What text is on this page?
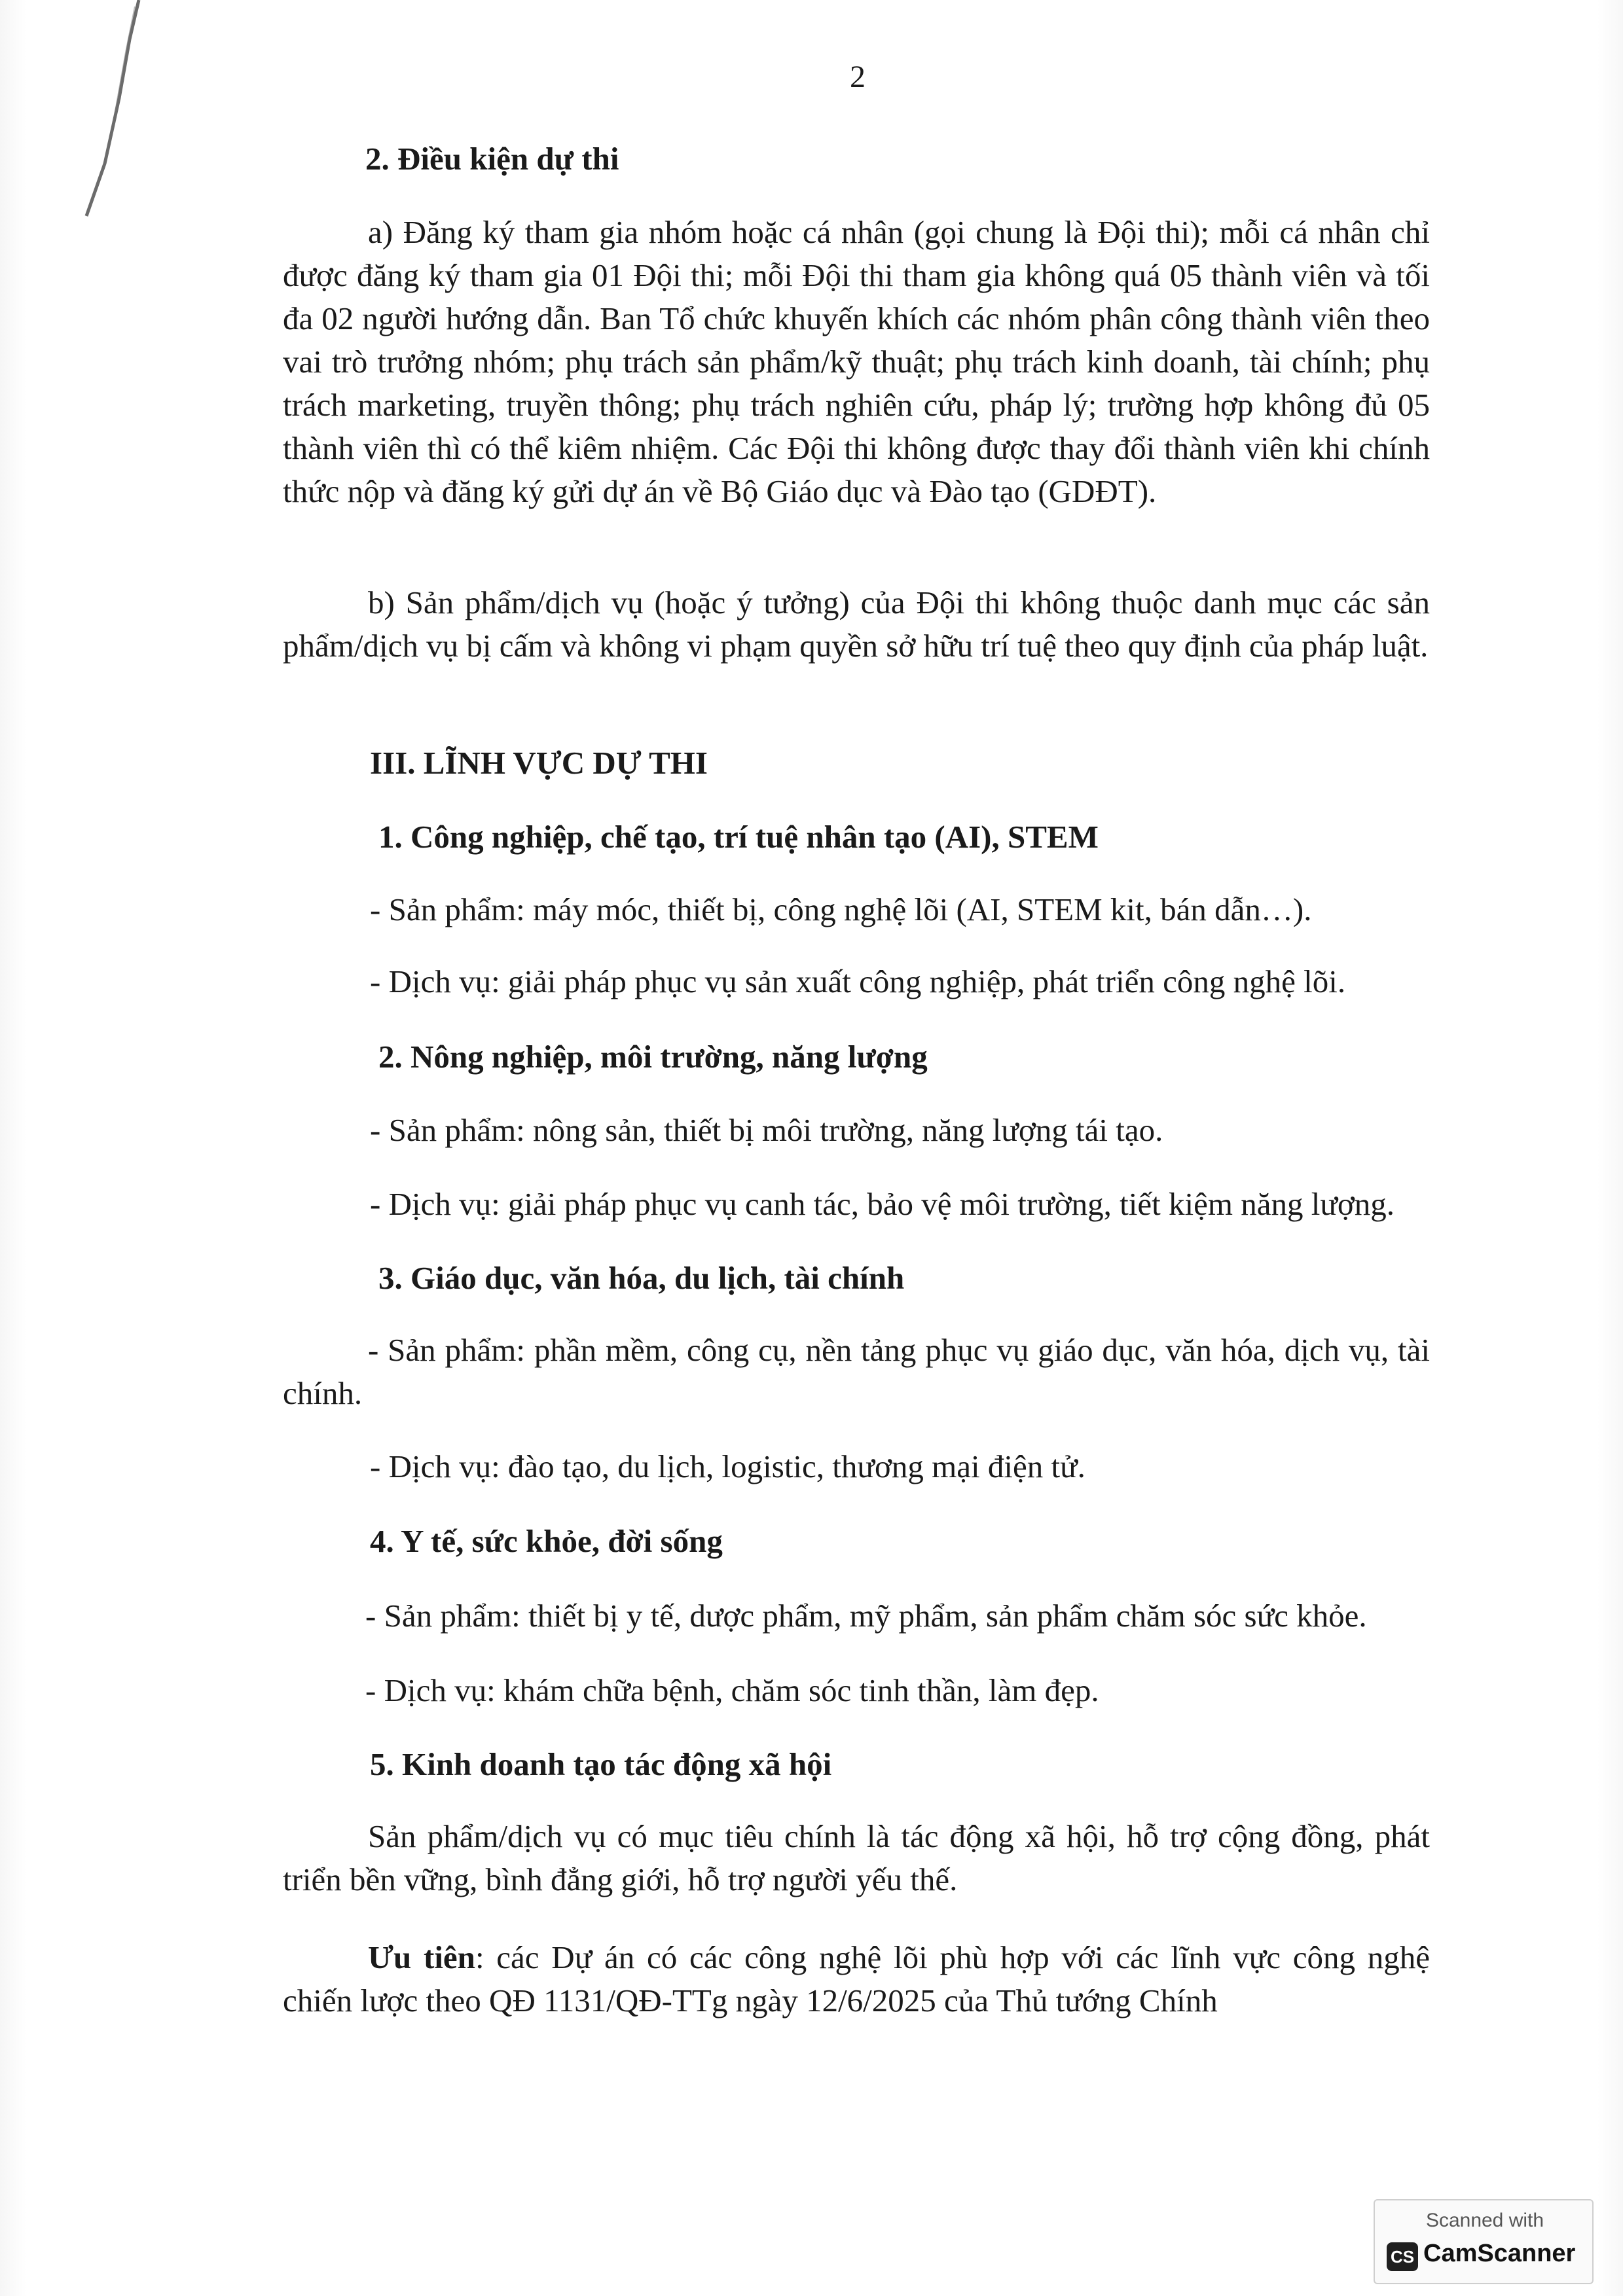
2
2. Điều kiện dự thi
a) Đăng ký tham gia nhóm hoặc cá nhân (gọi chung là Đội thi); mỗi cá nhân chỉ được đăng ký tham gia 01 Đội thi; mỗi Đội thi tham gia không quá 05 thành viên và tối đa 02 người hướng dẫn. Ban Tổ chức khuyến khích các nhóm phân công thành viên theo vai trò trưởng nhóm; phụ trách sản phẩm/kỹ thuật; phụ trách kinh doanh, tài chính; phụ trách marketing, truyền thông; phụ trách nghiên cứu, pháp lý; trường hợp không đủ 05 thành viên thì có thể kiêm nhiệm. Các Đội thi không được thay đổi thành viên khi chính thức nộp và đăng ký gửi dự án về Bộ Giáo dục và Đào tạo (GDĐT).
b) Sản phẩm/dịch vụ (hoặc ý tưởng) của Đội thi không thuộc danh mục các sản phẩm/dịch vụ bị cấm và không vi phạm quyền sở hữu trí tuệ theo quy định của pháp luật.
III. LĨNH VỰC DỰ THI
1. Công nghiệp, chế tạo, trí tuệ nhân tạo (AI), STEM
- Sản phẩm: máy móc, thiết bị, công nghệ lõi (AI, STEM kit, bán dẫn…).
- Dịch vụ: giải pháp phục vụ sản xuất công nghiệp, phát triển công nghệ lõi.
2. Nông nghiệp, môi trường, năng lượng
- Sản phẩm: nông sản, thiết bị môi trường, năng lượng tái tạo.
- Dịch vụ: giải pháp phục vụ canh tác, bảo vệ môi trường, tiết kiệm năng lượng.
3. Giáo dục, văn hóa, du lịch, tài chính
- Sản phẩm: phần mềm, công cụ, nền tảng phục vụ giáo dục, văn hóa, dịch vụ, tài chính.
- Dịch vụ: đào tạo, du lịch, logistic, thương mại điện tử.
4. Y tế, sức khỏe, đời sống
- Sản phẩm: thiết bị y tế, dược phẩm, mỹ phẩm, sản phẩm chăm sóc sức khỏe.
- Dịch vụ: khám chữa bệnh, chăm sóc tinh thần, làm đẹp.
5. Kinh doanh tạo tác động xã hội
Sản phẩm/dịch vụ có mục tiêu chính là tác động xã hội, hỗ trợ cộng đồng, phát triển bền vững, bình đẳng giới, hỗ trợ người yếu thế.
Ưu tiên: các Dự án có các công nghệ lõi phù hợp với các lĩnh vực công nghệ chiến lược theo QĐ 1131/QĐ-TTg ngày 12/6/2025 của Thủ tướng Chính
Scanned with
CS CamScanner
